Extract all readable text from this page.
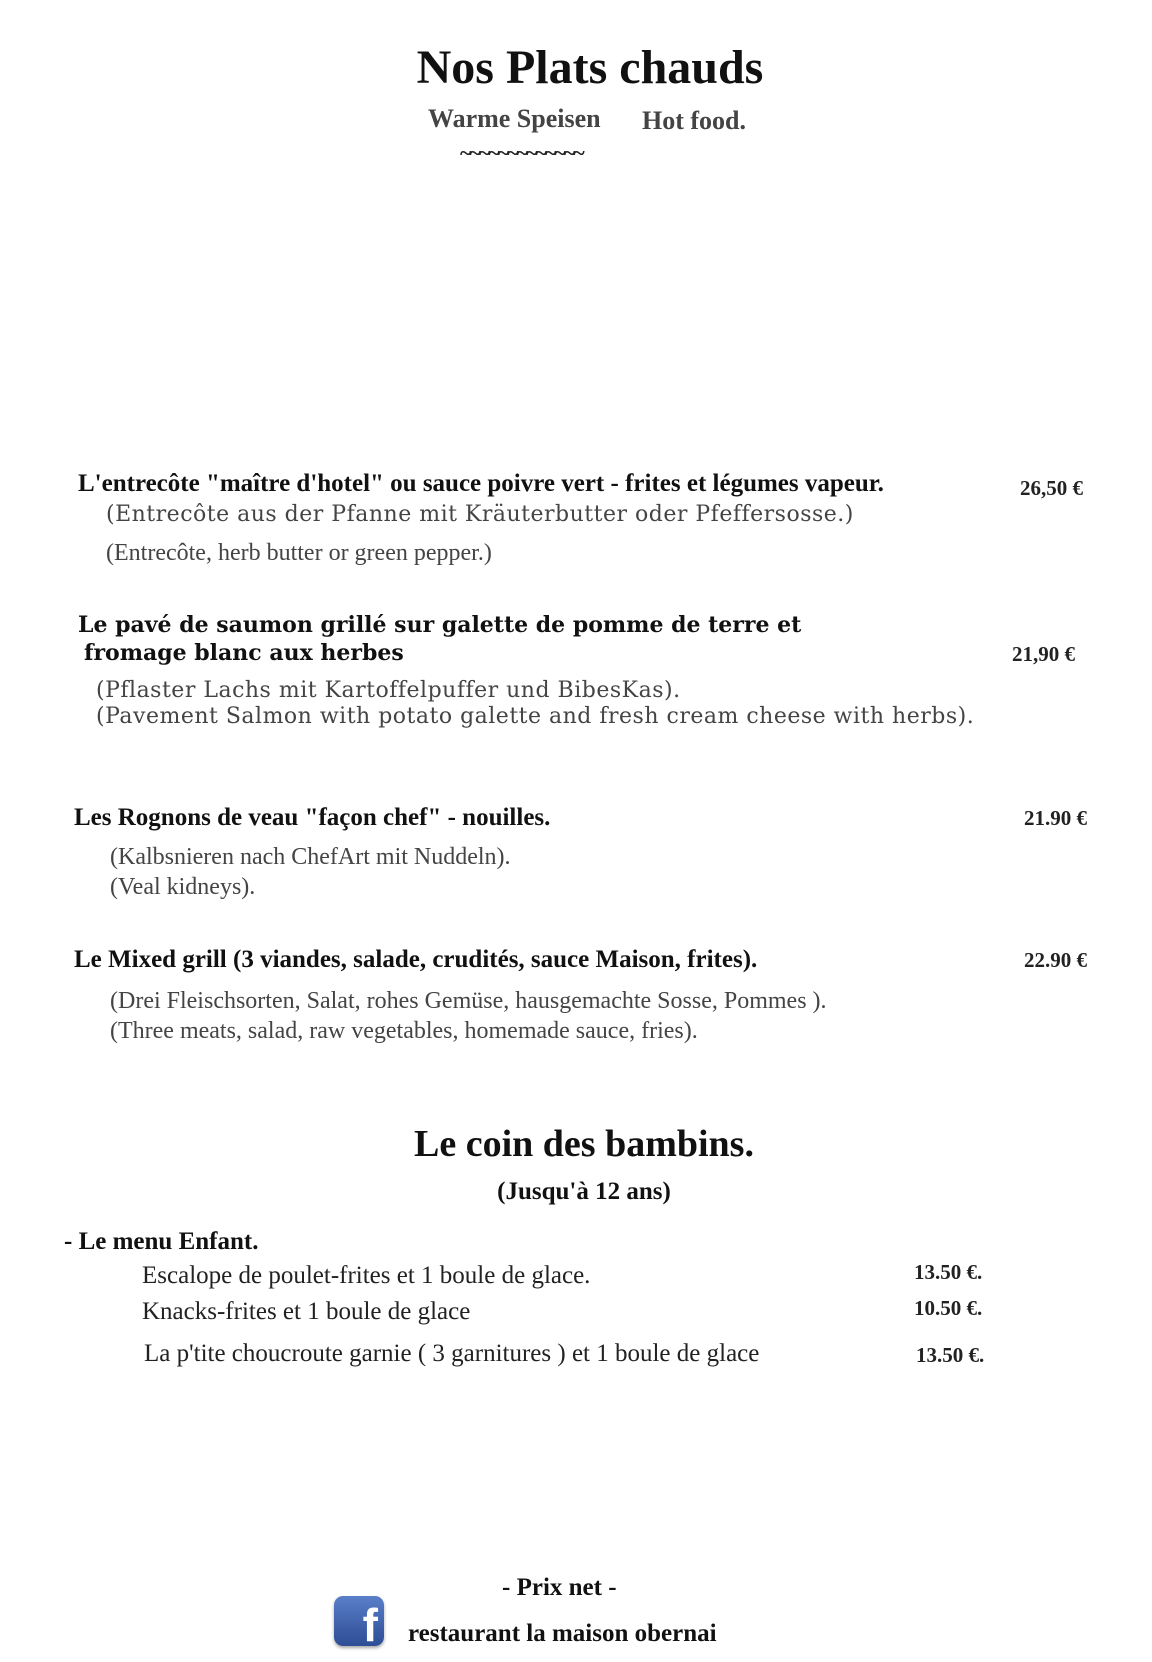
Nos Plats chauds
Warme Speisen Hot food.
~~~~~~~~~~~~~
L'entrecôte "maître d'hotel" ou sauce poivre vert - frites et légumes vapeur.	26,50 €
(Entrecôte aus der Pfanne mit Kräuterbutter oder Pfeffersosse.)
(Entrecôte, herb butter or green pepper.)
Le pavé de saumon grillé sur galette de pomme de terre et
fromage blanc aux herbes	21,90 €
(Pflaster Lachs mit Kartoffelpuffer und BibesKas).
(Pavement Salmon with potato galette and fresh cream cheese with herbs).
Les Rognons de veau "façon chef" - nouilles.	21.90 €
(Kalbsnieren nach ChefArt mit Nuddeln).
(Veal kidneys).
Le Mixed grill (3 viandes, salade, crudités, sauce Maison, frites).	22.90 €
(Drei Fleischsorten, Salat, rohes Gemüse, hausgemachte Sosse, Pommes ).
(Three meats, salad, raw vegetables, homemade sauce, fries).
Le coin des bambins.
(Jusqu'à 12 ans)
- Le menu Enfant.
Escalope de poulet-frites et 1 boule de glace.	13.50 €.
Knacks-frites et 1 boule de glace	10.50 €.
La p'tite choucroute garnie ( 3 garnitures ) et 1 boule de glace	13.50 €.
- Prix net -
f restaurant la maison obernai
